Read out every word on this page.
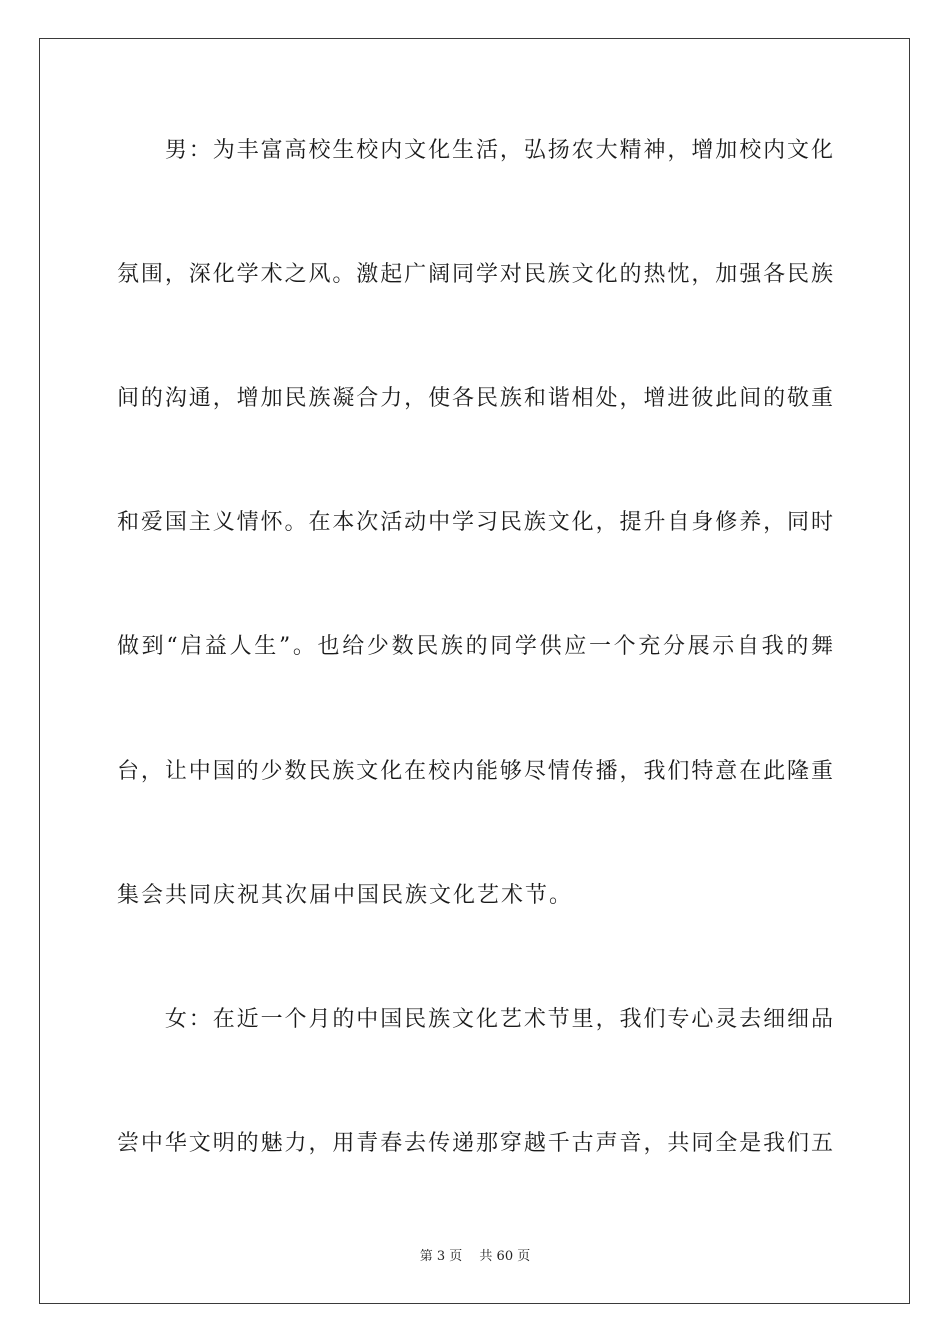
　　男：为丰富高校生校内文化生活，弘扬农大精神，增加校内文化
氛围，深化学术之风。激起广阔同学对民族文化的热忱，加强各民族
间的沟通，增加民族凝合力，使各民族和谐相处，增进彼此间的敬重
和爱国主义情怀。在本次活动中学习民族文化，提升自身修养，同时
做到“启益人生”。也给少数民族的同学供应一个充分展示自我的舞
台，让中国的少数民族文化在校内能够尽情传播，我们特意在此隆重
集会共同庆祝其次届中国民族文化艺术节。
　　女：在近一个月的中国民族文化艺术节里，我们专心灵去细细品
尝中华文明的魅力，用青春去传递那穿越千古声音，共同全是我们五
第 3 页　 共 60 页
